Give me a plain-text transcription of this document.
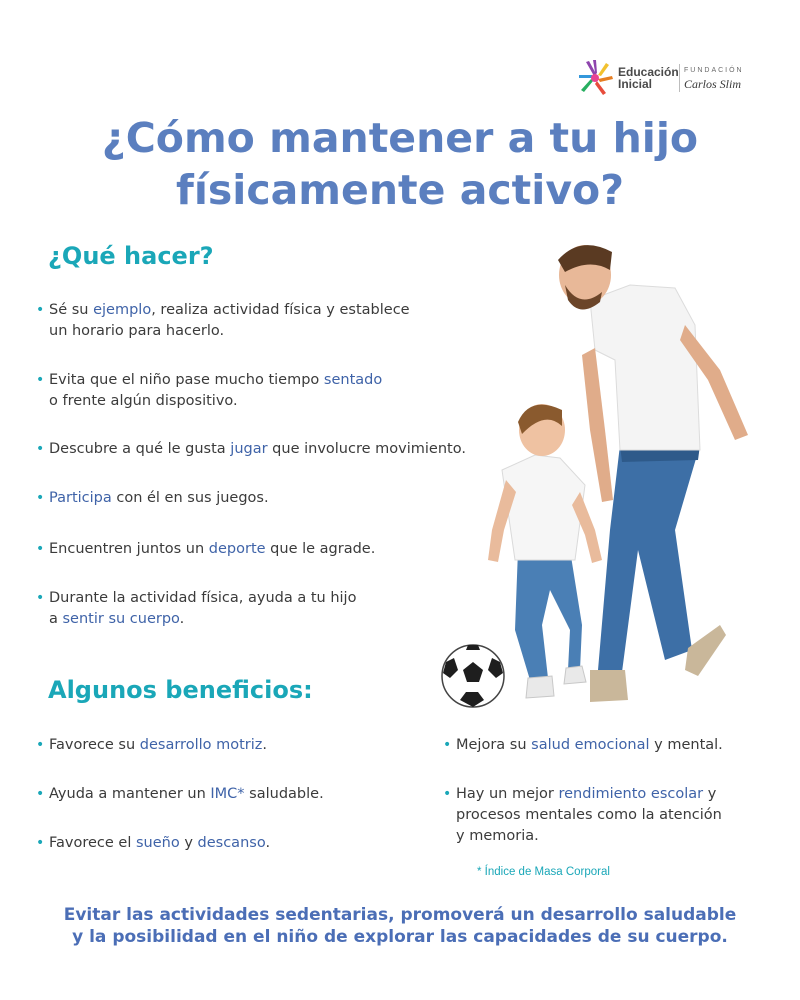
Educación
Inicial
FUNDACIÓN
Carlos Slim
¿Cómo mantener a tu hijo
físicamente activo?
¿Qué hacer?
• Sé su ejemplo, realiza actividad física y establece
un horario para hacerlo.
• Evita que el niño pase mucho tiempo sentado
o frente algún dispositivo.
• Descubre a qué le gusta jugar que involucre movimiento.
• Participa con él en sus juegos.
• Encuentren juntos un deporte que le agrade.
• Durante la actividad física, ayuda a tu hijo
a sentir su cuerpo.
Algunos beneficios:
• Favorece su desarrollo motriz.
• Ayuda a mantener un IMC* saludable.
• Favorece el sueño y descanso.
• Mejora su salud emocional y mental.
• Hay un mejor rendimiento escolar y
procesos mentales como la atención
y memoria.
* Índice de Masa Corporal
Evitar las actividades sedentarias, promoverá un desarrollo saludable
y la posibilidad en el niño de explorar las capacidades de su cuerpo.
